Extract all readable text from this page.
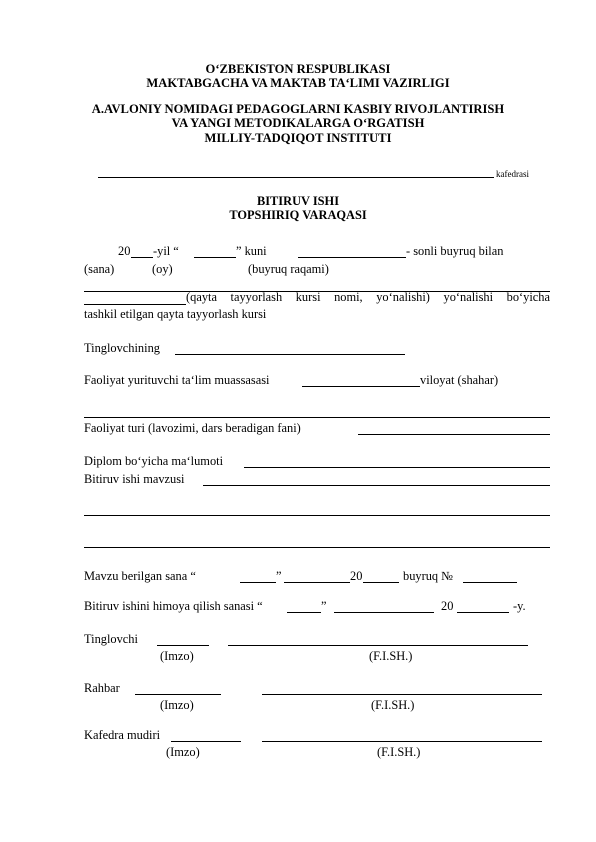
O‘ZBEKISTON RESPUBLIKASI
MAKTABGACHA VA MAKTAB TA‘LIMI VAZIRLIGI
A.AVLONIY NOMIDAGI PEDAGOGLARNI KASBIY RIVOJLANTIRISH
VA YANGI METODIKALARGA O‘RGATISH
MILLIY-TADQIQOT INSTITUTI
kafedrasi
BITIRUV ISHI
TOPSHIRIQ VARAQASI
20 -yil “	” kuni	- sonli buyruq bilan
(sana)	(oy)	(buyruq raqami)
(qayta tayyorlash kursi nomi, yo‘nalishi) yo‘nalishi bo‘yicha
tashkil etilgan qayta tayyorlash kursi
Tinglovchining
Faoliyat yurituvchi ta‘lim muassasasi	viloyat (shahar)
Faoliyat turi (lavozimi, dars beradigan fani)
Diplom bo‘yicha ma‘lumoti
Bitiruv ishi mavzusi
Mavzu berilgan sana “	”	20	buyruq №
Bitiruv ishini himoya qilish sanasi “	”	20	-y.
Tinglovchi
(Imzo)	(F.I.SH.)
Rahbar
(Imzo)	(F.I.SH.)
Kafedra mudiri
(Imzo)	(F.I.SH.)
